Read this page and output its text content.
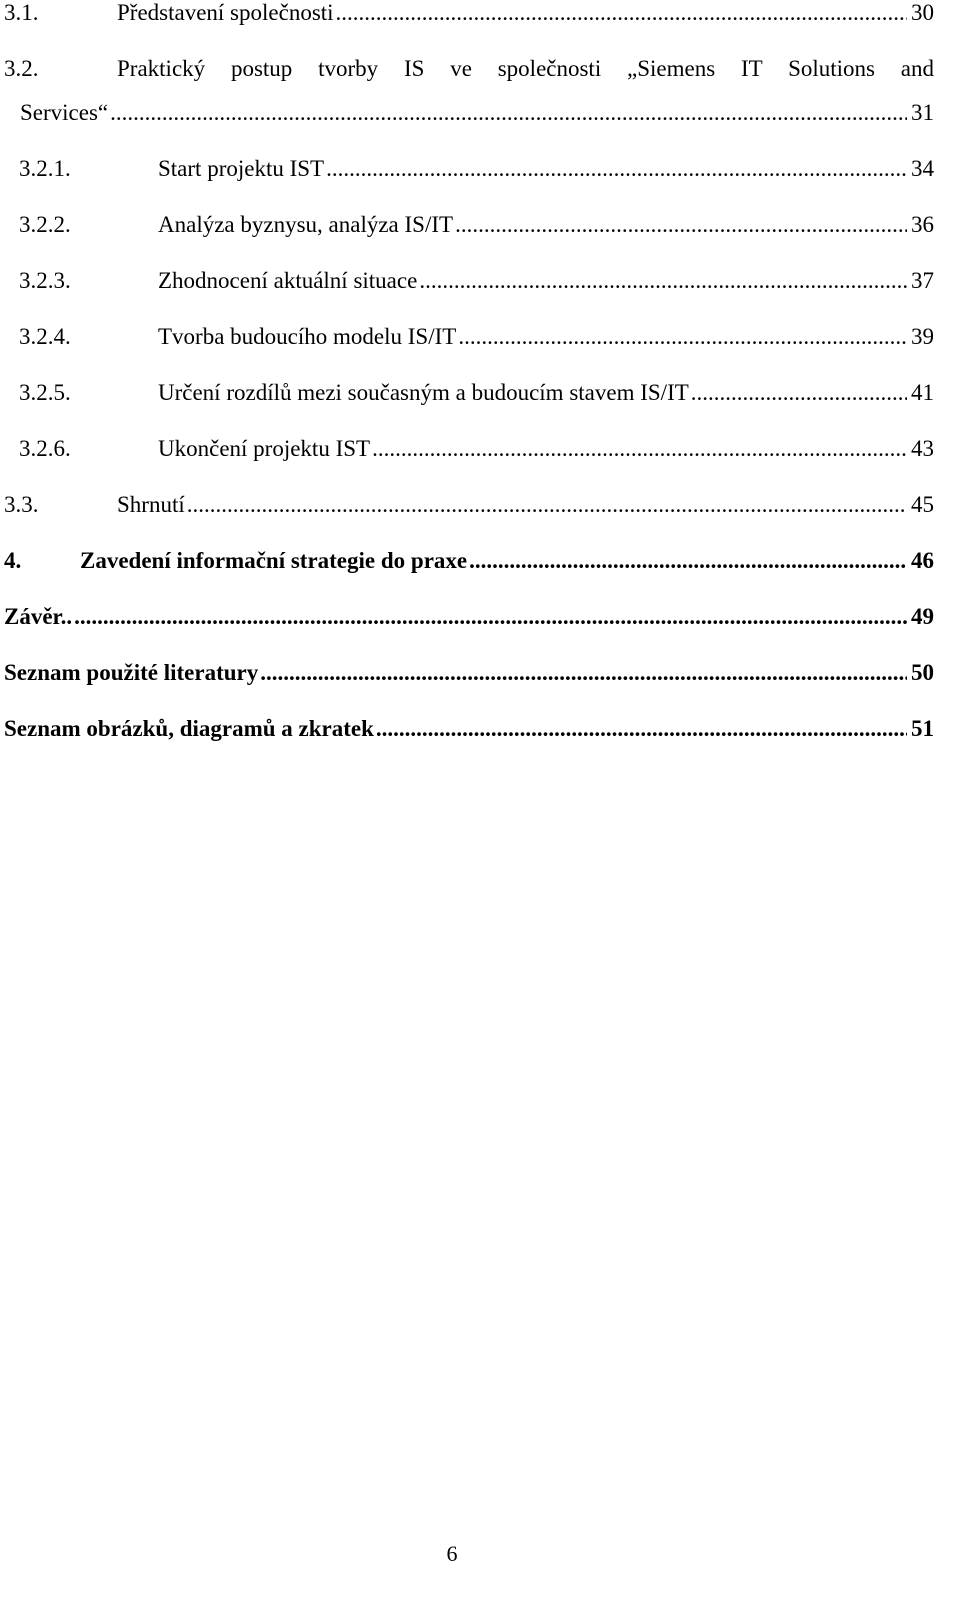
3.1.	Představení společnosti .....	30
3.2.	Praktický postup tvorby IS ve společnosti „Siemens IT Solutions and
Services“ .....	31
3.2.1.	Start projektu IST .....	34
3.2.2.	Analýza byznysu, analýza IS/IT .....	36
3.2.3.	Zhodnocení aktuální situace .....	37
3.2.4.	Tvorba budoucího modelu IS/IT .....	39
3.2.5.	Určení rozdílů mezi současným a budoucím stavem IS/IT .....	41
3.2.6.	Ukončení projektu IST .....	43
3.3.	Shrnutí .....	45
4.	Zavedení informační strategie do praxe .....	46
Závěr.. .....	49
Seznam použité literatury .....	50
Seznam obrázků, diagramů a zkratek .....	51
6
